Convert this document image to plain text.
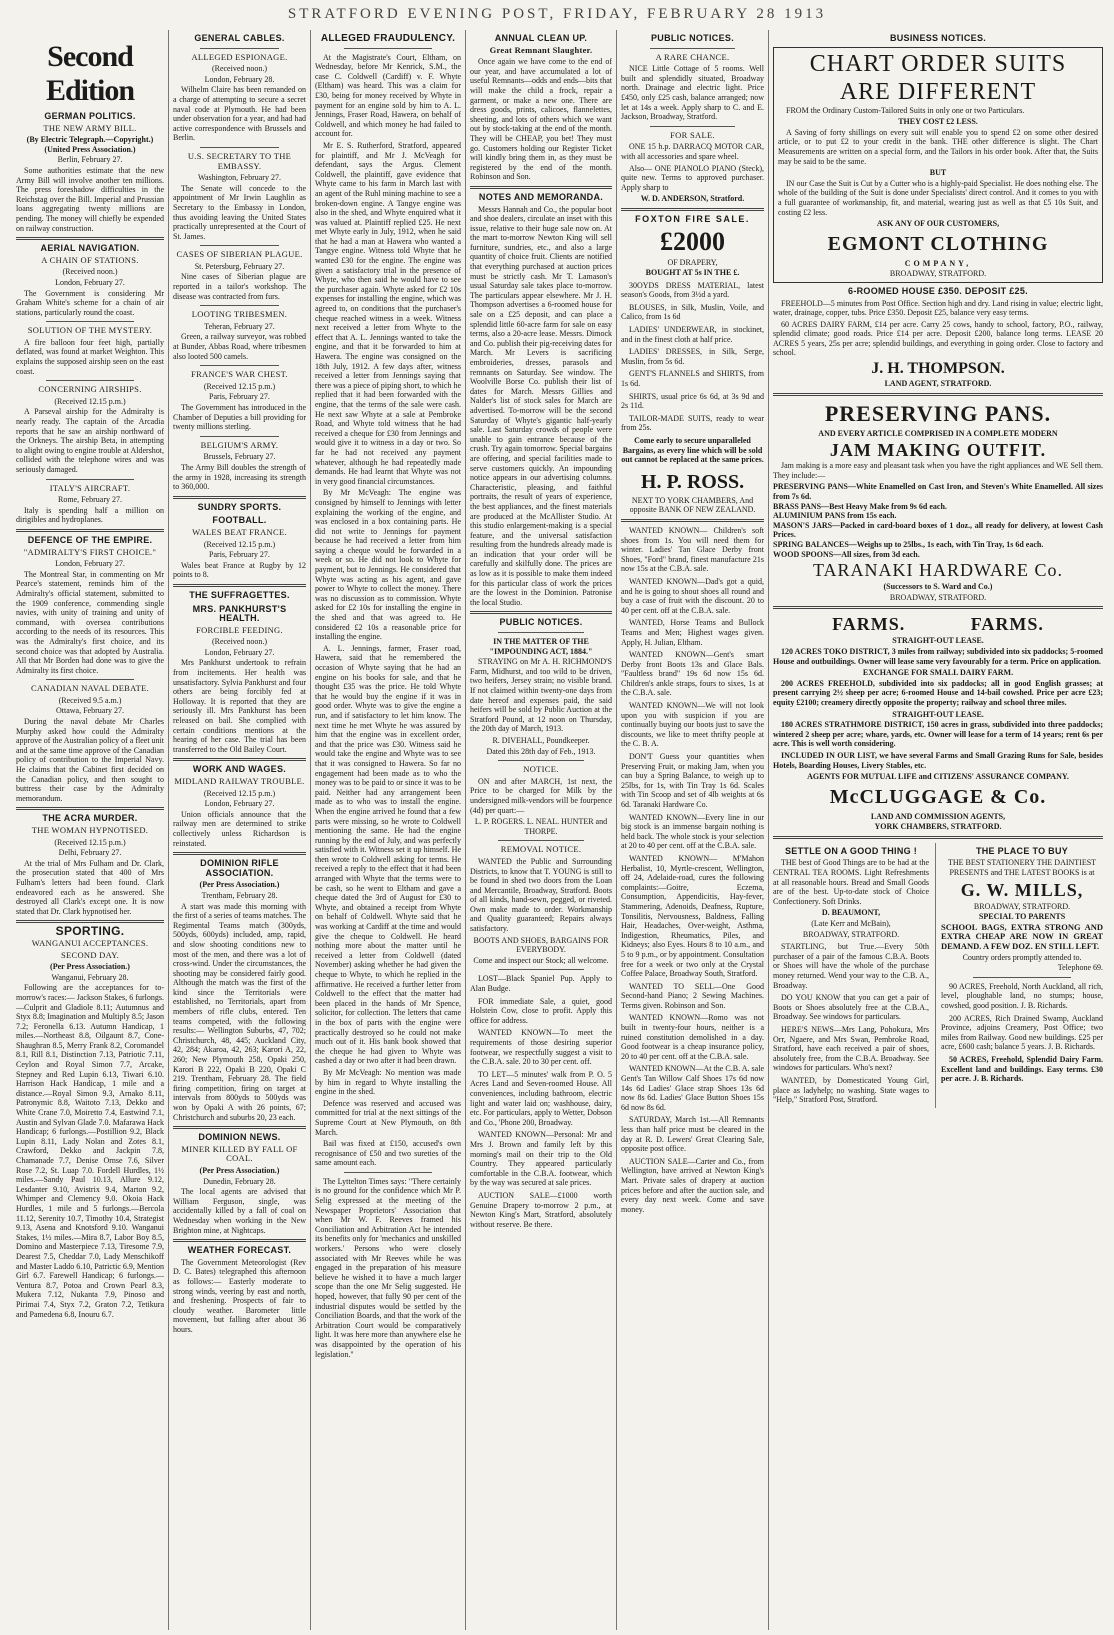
STRATFORD EVENING POST, FRIDAY, FEBRUARY 28 1913
Second Edition
GERMAN POLITICS.
THE NEW ARMY BILL.
(By Electric Telegraph.—Copyright.) (United Press Association.)
Berlin, February 27.

Some authorities estimate that the new Army Bill will involve another ten millions. The press foreshadow difficulties in the Reichstag over the Bill. Imperial and Prussian loans aggregating twenty millions are pending. The money will chiefly be expended on railway construction.

AERIAL NAVIGATION.
A CHAIN OF STATIONS.
(Received noon.)
London, February 27.

The Government is considering Mr Graham White's scheme for a chain of air stations, particularly round the coast.

SOLUTION OF THE MYSTERY.

A fire balloon four feet high, partially deflated, was found at market Weighton. This explains the supposed airship seen on the east coast.

CONCERNING AIRSHIPS.
(Received 12.15 p.m.)

A Parseval airship for the Admiralty is nearly ready. The captain of the Arcadia reports that he saw an airship northward of the Orkneys. The airship Beta, in attempting to alight owing to engine trouble at Aldershot, collided with the telephone wires and was seriously damaged.

ITALY'S AIRCRAFT.
Rome, February 27.

Italy is spending half a million on dirigibles and hydroplanes.

DEFENCE OF THE EMPIRE.
"ADMIRALTY'S FIRST CHOICE."
London, February 27.

The Montreal Star, in commenting on Mr Pearce's statement, reminds him of the Admiralty's official statement, submitted to the 1909 conference, commending single navies, with unity of training and unity of command, with oversea contributions according to the needs of its resources. This was the Admiralty's first choice, and its second choice was that adopted by Australia. All that Mr Borden had done was to give the Admiralty its first choice.

CANADIAN NAVAL DEBATE.
(Received 9.5 a.m.)
Ottawa, February 27.

During the naval debate Mr Charles Murphy asked how could the Admiralty approve of the Australian policy of a fleet unit and at the same time approve of the Canadian policy of contribution to the Imperial Navy. He claims that the Cabinet first decided on the Canadian policy, and then sought to buttress their case by the Admiralty memorandum.

THE ACRA MURDER.
THE WOMAN HYPNOTISED.
(Received 12.15 p.m.)
Delhi, February 27.

At the trial of Mrs Fulham and Dr. Clark, the prosecution stated that 400 of Mrs Fulham's letters had been found. Clark endeavored each as he answered. She destroyed all Clark's except one. It is now stated that Dr. Clark hypnotised her.

SPORTING.
WANGANUI ACCEPTANCES.
SECOND DAY.
(Per Press Association.)
Wanganui, February 28.

Following are the acceptances for to-morrow's races:— Jackson Stakes, 6 furlongs.—Culprit and Gladiole 8.11; Autumnus and Styx 8.8; Imagination and Multiply 8.5; Jason 7.2; Feronella 6.13. Autumn Handicap, 1 miles.—Northeast 8.8, Oilgaunt 8.7, Cone-Shaughran 8.5, Merry Frank 8.2, Coromandel 8.1, Rill 8.1, Distinction 7.13, Patriotic 7.11, Ceylon and Royal Simon 7.7, Arcake, Stepney and Red Lupin 6.13, Tiwari 6.10. Harrison Hack Handicap, 1 mile and a distance.—Royal Simon 9.3, Arnako 8.11, Patronymic 8.8, Waitoto 7.13, Dekko and White Crane 7.0, Moiretto 7.4, Eastwind 7.1, Austin and Sylvan Glade 7.0. Mafarawa Hack Handicap; 6 furlongs.—Postillion 9.2, Black Lupin 8.11, Lady Nolan and Zotes 8.1, Crawford, Dekko and Jackpin 7.8, Chamanade 7.7, Denise Ornse 7.6, Silver Rose 7.2, St. Luap 7.0. Fordell Hurdles, 1½ miles.—Sandy Paul 10.13, Allure 9.12, Lesdanter 9.10, Avistrix 9.4, Marton 9.2, Whimper and Clemency 9.0. Okoia Hack Hurdles, 1 mile and 5 furlongs.—Bercola 11.12, Serenity 10.7, Timothy 10.4, Strategist 9.13, Asena and Knotsford 9.10. Wanganui Stakes, 1½ miles.—Mira 8.7, Labor Boy 8.5, Domino and Masterpiece 7.13, Tiresome 7.9, Dearest 7.5, Cheddar 7.0, Lady Menschikoff and Master Laddo 6.10, Patrictic 6.9, Mention Girl 6.7. Farewell Handicap; 6 furlongs.—Ventura 8.7, Potoa and Crown Pearl 8.3, Mukera 7.12, Nukanta 7.9, Pinoso and Pirimai 7.4, Styx 7.2, Graton 7.2, Tetikura and Pamedena 6.8, Inouru 6.7.

GENERAL CABLES.
ALLEGED ESPIONAGE.
(Received noon.)
London, February 28.

Wilhelm Claire has been remanded on a charge of attempting to secure a secret naval code at Plymouth. He had been under observation for a year, and had had active correspondence with Brussels and Berlin.

U.S. SECRETARY TO THE EMBASSY.
Washington, February 27.

The Senate will concede to the appointment of Mr Irwin Laughlin as Secretary to the Embassy in London, thus avoiding leaving the United States practically unrepresented at the Court of St. James.

CASES OF SIBERIAN PLAGUE.
St. Petersburg, February 27.

Nine cases of Siberian plague are reported in a tailor's workshop. The disease was contracted from furs.

LOOTING TRIBESMEN.
Teheran, February 27.

Green, a railway surveyor, was robbed at Bunder, Abbas Road, where tribesmen also looted 500 camels.

FRANCE'S WAR CHEST.
(Received 12.15 p.m.)
Paris, February 27.

The Government has introduced in the Chamber of Deputies a bill providing for twenty millions sterling.

BELGIUM'S ARMY.
Brussels, February 27.

The Army Bill doubles the strength of the army in 1928, increasing its strength to 360,000.

SUNDRY SPORTS.
FOOTBALL.
WALES BEAT FRANCE.
(Received 12.15 p.m.)
Paris, February 27.

Wales beat France at Rugby by 12 points to 8.

THE SUFFRAGETTES.
MRS. PANKHURST'S HEALTH.
FORCIBLE FEEDING.
(Received noon.)
London, February 27.

Mrs Pankhurst undertook to refrain from incitements. Her health was unsatisfactory. Sylvia Pankhurst and four others are being forcibly fed at Holloway. It is reported that they are seriously ill. Mrs Pankhurst has been released on bail. She complied with certain conditions mentions at the hearing of her case. The trial has been transferred to the Old Bailey Court.

WORK AND WAGES.
MIDLAND RAILWAY TROUBLE.
(Received 12.15 p.m.)
London, February 27.

Union officials announce that the railway men are determined to strike collectively unless Richardson is reinstated.

DOMINION RIFLE ASSOCIATION.
(Per Press Association.)
Trentham, February 28.

A start was made this morning with the first of a series of teams matches. The Regimental Teams match (300yds, 500yds, 600yds) included, amp, rapid, and slow shooting conditions new to most of the men, and there was a lot of cross-wind. Under the circumstances, the shooting may be considered fairly good. Although the match was the first of the kind since the Territorials were established, no Territorials, apart from members of rifle clubs, entered. Ten teams competed, with the following results:— Wellington Suburbs, 47, 702; Christchurch, 48, 445; Auckland City, 42, 284; Akaroa, 42, 263; Karori A, 22, 260; New Plymouth 258, Opaki 250, Karori B 222, Opaki B 220, Opaki C 219. Trentham, February 28. The field firing competition, firing on target at intervals from 800yds to 500yds was won by Opaki A with 26 points, 67; Christchurch and suburbs 20, 23 each.

DOMINION NEWS.
MINER KILLED BY FALL OF COAL.
(Per Press Association.)
Dunedin, February 28.

The local agents are advised that William Ferguson, single, was accidentally killed by a fall of coal on Wednesday when working in the New Brighton mine, at Nightcaps.

WEATHER FORECAST.

The Government Meteorologist (Rev D. C. Bates) telegraphed this afternoon as follows:— Easterly moderate to strong winds, veering by east and north, and freshening. Prospects of fair to cloudy weather. Barometer little movement, but falling after about 36 hours.

ALLEGED FRAUDULENCY.

At the Magistrate's Court, Eltham, on Wednesday, before Mr Kenrick, S.M., the case C. Coldwell (Cardiff) v. F. Whyte (Eltham) was heard. This was a claim for £30, being for money received by Whyte in payment for an engine sold by him to A. L. Jennings, Fraser Road, Hawera, on behalf of Coldwell, and which money he had failed to account for.

Mr E. S. Rutherford, Stratford, appeared for plaintiff, and Mr J. McVeagh for defendant, says the Argus. Clement Coldwell, the plaintiff, gave evidence that Whyte came to his farm in March last with an agent of the Ruhl mining machine to see a broken-down engine. A Tangye engine was also in the shed, and Whyte enquired what it was valued at. Plaintiff replied £25. He next met Whyte early in July, 1912, when he said that he had a man at Hawera who wanted a Tangye engine. Witness told Whyte that he wanted £30 for the engine. The engine was given a satisfactory trial in the presence of Whyte, who then said he would have to see the purchaser again. Whyte asked for £2 10s expenses for installing the engine, which was agreed to, on conditions that the purchaser's cheque reached witness in a week. Witness next received a letter from Whyte to the effect that A. L. Jennings wanted to take the engine, and that it be forwarded to him at Hawera. The engine was consigned on the 18th July, 1912. A few days after, witness received a letter from Jennings saying that there was a piece of piping short, to which he replied that it had been forwarded with the engine, that the terms of the sale were cash. He next saw Whyte at a sale at Pembroke Road, and Whyte told witness that he had received a cheque for £30 from Jennings and would give it to witness in a day or two. So far he had not received any payment whatever, although he had repeatedly made demands. He had learnt that Whyte was not in very good financial circumstances.

By Mr McVeagh: The engine was consigned by himself to Jennings with letter explaining the working of the engine, and was enclosed in a box containing parts. He did not write to Jennings for payment because he had received a letter from him saying a cheque would be forwarded in a week or so. He did not look to Whyte for payment, but to Jennings. He considered that Whyte was acting as his agent, and gave power to Whyte to collect the money. There was no discussion as to commission. Whyte asked for £2 10s for installing the engine in the shed and that was agreed to. He considered £2 10s a reasonable price for installing the engine.

A. L. Jennings, farmer, Fraser road, Hawera, said that he remembered the occasion of Whyte saying that he had an engine on his books for sale, and that he thought £35 was the price. He told Whyte that he would buy the engine if it was in good order. Whyte was to give the engine a run, and if satisfactory to let him know. The next time he met Whyte he was assured by him that the engine was in excellent order, and that the price was £30. Witness said he would take the engine and Whyte was to see that it was consigned to Hawera. So far no engagement had been made as to who the money was to be paid to or since it was to be paid. Neither had any arrangement been made as to who was to install the engine. When the engine arrived he found that a few parts were missing, so he wrote to Coldwell mentioning the same. He had the engine running by the end of July, and was perfectly satisfied with it. Witness set it up himself. He then wrote to Coldwell asking for terms. He received a reply to the effect that it had been arranged with Whyte that the terms were to be cash, so he went to Eltham and gave a cheque dated the 3rd of August for £30 to Whyte, and obtained a receipt from Whyte on behalf of Coldwell. Whyte said that he was working at Cardiff at the time and would give the cheque to Coldwell. He heard nothing more about the matter until he received a letter from Coldwell (dated November) asking whether he had given the cheque to Whyte, to which he replied in the affirmative. He received a further letter from Coldwell to the effect that the matter had been placed in the hands of Mr Spence, solicitor, for collection. The letters that came in the box of parts with the engine were practically destroyed so he could not make much out of it. His bank book showed that the cheque he had given to Whyte was cashed a day or two after it had been drawn.

By Mr McVeagh: No mention was made by him in regard to Whyte installing the engine in the shed.

Defence was reserved and accused was committed for trial at the next sittings of the Supreme Court at New Plymouth, on 8th March.

Bail was fixed at £150, accused's own recognisance of £50 and two sureties of the same amount each.

The Lyttelton Times says: "There certainly is no ground for the confidence which Mr P. Selig expressed at the meeting of the Newspaper Proprietors' Association that when Mr W. F. Reeves framed his Conciliation and Arbitration Act he intended its benefits only for 'mechanics and unskilled workers.' Persons who were closely associated with Mr Reeves while he was engaged in the preparation of his measure believe he wished it to have a much larger scope than the one Mr Selig suggested. He hoped, however, that fully 90 per cent of the industrial disputes would be settled by the Conciliation Boards, and that the work of the Arbitration Court would be comparatively light. It was here more than anywhere else he was disappointed by the operation of his legislation."

ANNUAL CLEAN UP.
Great Remnant Slaughter.

Once again we have come to the end of our year, and have accumulated a lot of useful Remnants—odds and ends—bits that will make the child a frock, repair a garment, or make a new one. There are dress goods, prints, calicoes, flannelettes, sheeting, and lots of others which we want out by stock-taking at the end of the month. They will be CHEAP, you bet! They must go. Customers holding our Register Ticket will kindly bring them in, as they must be registered by the end of the month. Robinson and Son.

NOTES AND MEMORANDA.

Messrs Hannah and Co., the popular boot and shoe dealers, circulate an inset with this issue, relative to their huge sale now on. At the mart to-morrow Newton King will sell furniture, sundries, etc., and also a large quantity of choice fruit. Clients are notified that everything purchased at auction prices must be strictly cash. Mr T. Lamason's usual Saturday sale takes place to-morrow. The particulars appear elsewhere. Mr J. H. Thompson advertises a 6-roomed house for sale on a £25 deposit, and can place a splendid little 60-acre farm for sale on easy terms, also a 20-acre lease. Messrs. Dimock and Co. publish their pig-receiving dates for March. Mr Levers is sacrificing embroideries, dresses, parasols and remnants on Saturday. See window. The Woolville Borse Co. publish their list of dates for March. Messrs Gillies and Nalder's list of stock sales for March are advertised. To-morrow will be the second Saturday of Whyte's gigantic half-yearly sale. Last Saturday crowds of people were unable to gain entrance because of the crush. Try again tomorrow. Special bargains are offering, and special facilities made to serve customers quickly. An impounding notice appears in our advertising columns. Characteristic, pleasing, and faithful portraits, the result of years of experience, the best appliances, and the finest materials are produced at the McAllister Studio. At this studio enlargement-making is a special feature, and the universal satisfaction resulting from the hundreds already made is an indication that your order will be carefully and skilfully done. The prices are as low as it is possible to make them indeed for this particular class of work the prices are the lowest in the Dominion. Patronise the local Studio.

PUBLIC NOTICES.
IN THE MATTER OF THE "IMPOUNDING ACT, 1884."

STRAYING on Mr A. H. RICHMOND'S Farm, Midhurst, and too wild to be driven, two heifers, Jersey strain; no visible brand. If not claimed within twenty-one days from date hereof and expenses paid, the said heifers will be sold by Public Auction at the Stratford Pound, at 12 noon on Thursday, the 20th day of March, 1913.

R. DIVEHALL, Poundkeeper.
Dated this 28th day of Feb., 1913.
NOTICE.

ON and after MARCH, 1st next, the Price to be charged for Milk by the undersigned milk-vendors will be fourpence (4d) per quart:—

L. P. ROGERS. L. NEAL. HUNTER and THORPE.
REMOVAL NOTICE.

WANTED the Public and Surrounding Districts, to know that T. YOUNG is still to be found in shed two doors from the Loan and Mercantile, Broadway, Stratford. Boots of all kinds, hand-sewn, pegged, or riveted. Own make made to order. Workmanship and Quality guaranteed; Repairs always satisfactory.

BOOTS AND SHOES, BARGAINS FOR EVERYBODY.
Come and inspect our Stock; all welcome.

LOST—Black Spaniel Pup. Apply to Alan Budge.

FOR immediate Sale, a quiet, good Holstein Cow, close to profit. Apply this office for address.

WANTED KNOWN—To meet the requirements of those desiring superior footwear, we respectfully suggest a visit to the C.B.A. sale. 20 to 30 per cent. off.

TO LET—5 minutes' walk from P. O. 5 Acres Land and Seven-roomed House. All conveniences, including bathroom, electric light and water laid on; washhouse, dairy, etc. For particulars, apply to Wetter, Dobson and Co., 'Phone 200, Broadway.

WANTED KNOWN—Personal: Mr and Mrs J. Brown and family left by this morning's mail on their trip to the Old Country. They appeared particularly comfortable in the C.B.A. footwear, which by the way was secured at sale prices.

AUCTION SALE—£1000 worth Genuine Drapery to-morrow 2 p.m., at Newton King's Mart, Stratford, absolutely without reserve. Be there.

PUBLIC NOTICES.
A RARE CHANCE.

NICE Little Cottage of 5 rooms. Well built and splendidly situated, Broadway north. Drainage and electric light. Price £450, only £25 cash, balance arranged; now let at 14s a week. Apply sharp to C. and E. Jackson, Broadway, Stratford.

FOR SALE.

ONE 15 h.p. DARRACQ MOTOR CAR, with all accessories and spare wheel.

Also— ONE PIANOLO PIANO (Steck), quite new. Terms to approved purchaser. Apply sharp to

W. D. ANDERSON, Stratford.
FOXTON FIRE SALE.
£2000
OF DRAPERY,
BOUGHT AT 5s IN THE £.

30OYDS DRESS MATERIAL, latest season's Goods, from 3½d a yard.

BLOUSES, in Silk, Muslin, Voile, and Calico, from 1s 6d

LADIES' UNDERWEAR, in stockinet, and in the finest cloth at half price.

LADIES' DRESSES, in Silk, Serge, Muslin, from 5s 6d.

GENT'S FLANNELS and SHIRTS, from 1s 6d.

SHIRTS, usual price 6s 6d, at 3s 9d and 2s 11d.

TAILOR-MADE SUITS, ready to wear from 25s.

Come early to secure unparalleled Bargains, as every line which will be sold out cannot be replaced at the same prices.
H. P. ROSS.
NEXT TO YORK CHAMBERS, And opposite BANK OF NEW ZEALAND.

WANTED KNOWN— Children's soft shoes from 1s. You will need them for winter. Ladies' Tan Glace Derby front Shoes, "Ford" brand, finest manufacture 21s now 15s at the C.B.A. sale.

WANTED KNOWN—Dad's got a quid, and he is going to shout shoes all round and buy a case of fruit with the discount. 20 to 40 per cent. off at the C.B.A. sale.

WANTED, Horse Teams and Bullock Teams and Men; Highest wages given. Apply, H. Julian, Eltham.

WANTED KNOWN—Gent's smart Derby front Boots 13s and Glace Bals. "Faultless brand" 19s 6d now 15s 6d. Children's ankle straps, fours to sixes, 1s at the C.B.A. sale.

WANTED KNOWN—We will not look upon you with suspicion if you are continually buying our boots just to save the discounts, we like to meet thrifty people at the C. B. A.

DON'T Guess your quantities when Preserving Fruit, or making Jam, when you can buy a Spring Balance, to weigh up to 25lbs, for 1s, with Tin Tray 1s 6d. Scales with Tin Scoop and set of 4lb weights at 6s 6d. Taranaki Hardware Co.

WANTED KNOWN—Every line in our big stock is an immense bargain nothing is held back. The whole stock is your selection at 20 to 40 per cent. off at the C.B.A. sale.

WANTED KNOWN— M'Mahon Herbalist, 10, Myrtle-crescent, Wellington, off 24, Adelaide-road, cures the following complaints:—Goitre, Eczema, Consumption, Appendicitis, Hay-fever, Stammering, Adenoids, Deafness, Rupture, Tonsilitis, Nervousness, Baldness, Falling Hair, Headaches, Over-weight, Asthma, Indigestion, Rheumatics, Piles, and Kidneys; also Eyes. Hours 8 to 10 a.m., and 5 to 9 p.m., or by appointment. Consultation free for a week or two only at the Crystal Coffee Palace, Broadway South, Stratford.

WANTED TO SELL—One Good Second-hand Piano; 2 Sewing Machines. Terms given. Robinson and Son.

WANTED KNOWN—Romo was not built in twenty-four hours, neither is a ruined constitution demolished in a day. Good footwear is a cheap insurance policy, 20 to 40 per cent. off at the C.B.A. sale.

WANTED KNOWN—At the C.B. A. sale Gent's Tan Willow Calf Shoes 17s 6d now 14s 6d Ladies' Glace strap Shoes 13s 6d now 8s 6d. Ladies' Glace Button Shoes 15s 6d now 8s 6d.

SATURDAY, March 1st.—All Remnants less than half price must be cleared in the day at R. D. Lewers' Great Clearing Sale, opposite post office.

AUCTION SALE—Carter and Co., from Wellington, have arrived at Newton King's Mart. Private sales of drapery at auction prices before and after the auction sale, and every day next week. Come and save money.

BUSINESS NOTICES.
CHART ORDER SUITS
ARE DIFFERENT

FROM the Ordinary Custom-Tailored Suits in only one or two Particulars.

THEY COST £2 LESS.

A Saving of forty shillings on every suit will enable you to spend £2 on some other desired article, or to put £2 to your credit in the bank. THE other difference is slight. The Chart Measurements are written on a special form, and the Tailors in his order book. After that, the Suits may be said to be the same.

BUT

IN our Case the Suit is Cut by a Cutter who is a highly-paid Specialist. He does nothing else. The whole of the building of the Suit is done under Specialists' direct control. And it comes to you with a full guarantee of workmanship, fit, and material, wearing just as well as that £5 10s Suit, and costing £2 less.

ASK ANY OF OUR CUSTOMERS,
EGMONT CLOTHING
COMPANY,
BROADWAY, STRATFORD.
6-ROOMED HOUSE £350. DEPOSIT £25.

FREEHOLD—5 minutes from Post Office. Section high and dry. Land rising in value; electric light, water, drainage, copper, tubs. Price £350. Deposit £25, balance very easy terms.

60 ACRES DAIRY FARM, £14 per acre. Carry 25 cows, handy to school, factory, P.O., railway, splendid climate; good roads. Price £14 per acre. Deposit £200, balance long terms. LEASE 20 ACRES 5 years, 25s per acre; splendid buildings, and everything in going order. Close to factory and school.

J. H. THOMPSON.
LAND AGENT, STRATFORD.
PRESERVING PANS.
AND EVERY ARTICLE COMPRISED IN A COMPLETE MODERN
JAM MAKING OUTFIT.

Jam making is a more easy and pleasant task when you have the right appliances and WE Sell them. They include:—

PRESERVING PANS—White Enamelled on Cast Iron, and Steven's White Enamelled. All sizes from 7s 6d.
BRASS PANS—Best Heavy Make from 9s 6d each.
ALUMINIUM PANS from 15s each.
MASON'S JARS—Packed in card-board boxes of 1 doz., all ready for delivery, at lowest Cash Prices.
SPRING BALANCES—Weighs up to 25lbs., 1s each, with Tin Tray, 1s 6d each.
WOOD SPOONS—All sizes, from 3d each.
TARANAKI HARDWARE Co.
(Successors to S. Ward and Co.)
BROADWAY, STRATFORD.
FARMS. FARMS.
STRAIGHT-OUT LEASE.

120 ACRES TOKO DISTRICT, 3 miles from railway; subdivided into six paddocks; 5-roomed House and outbuildings. Owner will lease same very favourably for a term. Price on application.

EXCHANGE FOR SMALL DAIRY FARM.

200 ACRES FREEHOLD, subdivided into six paddocks; all in good English grasses; at present carrying 2½ sheep per acre; 6-roomed House and 14-bail cowshed. Price per acre £23; equity £2100; creamery directly opposite the property; railway and school three miles.

STRAIGHT-OUT LEASE.

180 ACRES STRATHMORE DISTRICT, 150 acres in grass, subdivided into three paddocks; wintered 2 sheep per acre; whare, yards, etc. Owner will lease for a term of 14 years; rent 6s per acre. This is well worth considering.

INCLUDED IN OUR LIST, we have several Farms and Small Grazing Runs for Sale, besides Hotels, Boarding Houses, Livery Stables, etc.

AGENTS FOR MUTUAL LIFE and CITIZENS' ASSURANCE COMPANY.
McCLUGGAGE & Co.
LAND AND COMMISSION AGENTS,
YORK CHAMBERS, STRATFORD.
SETTLE ON A GOOD THING !

THE best of Good Things are to be had at the CENTRAL TEA ROOMS. Light Refreshments at all reasonable hours. Bread and Small Goods are of the best. Up-to-date stock of Choice Confectionery. Soft Drinks.

D. BEAUMONT,
(Late Kerr and McBain),
BROADWAY, STRATFORD.

STARTLING, but True.—Every 50th purchaser of a pair of the famous C.B.A. Boots or Shoes will have the whole of the purchase money returned. Wend your way to the C.B. A., Broadway.

DO YOU KNOW that you can get a pair of Boots or Shoes absolutely free at the C.B.A., Broadway. See windows for particulars.

HERE'S NEWS—Mrs Lang, Pohokura, Mrs Orr, Ngaere, and Mrs Swan, Pembroke Road, Stratford, have each received a pair of shoes, absolutely free, from the C.B.A. Broadway. See windows for particulars. Who's next?

WANTED, by Domesticated Young Girl, place as ladyhelp; no washing. State wages to "Help," Stratford Post, Stratford.

THE PLACE TO BUY
THE BEST STATIONERY THE DAINTIEST PRESENTS and THE LATEST BOOKS is at
G. W. MILLS,
BROADWAY, STRATFORD.
SPECIAL TO PARENTS
SCHOOL BAGS, EXTRA STRONG AND EXTRA CHEAP ARE NOW IN GREAT DEMAND. A FEW DOZ. EN STILL LEFT.
Country orders promptly attended to.
Telephone 69.

90 ACRES, Freehold, North Auckland, all rich, level, ploughable land, no stumps; house, cowshed, good position. J. B. Richards.

200 ACRES, Rich Drained Swamp, Auckland Province, adjoins Creamery, Post Office; two miles from Railway. Good new buildings. £25 per acre, £600 cash; balance 5 years. J. B. Richards.

50 ACRES, Freehold, Splendid Dairy Farm. Excellent land and buildings. Easy terms. £30 per acre. J. B. Richards.
